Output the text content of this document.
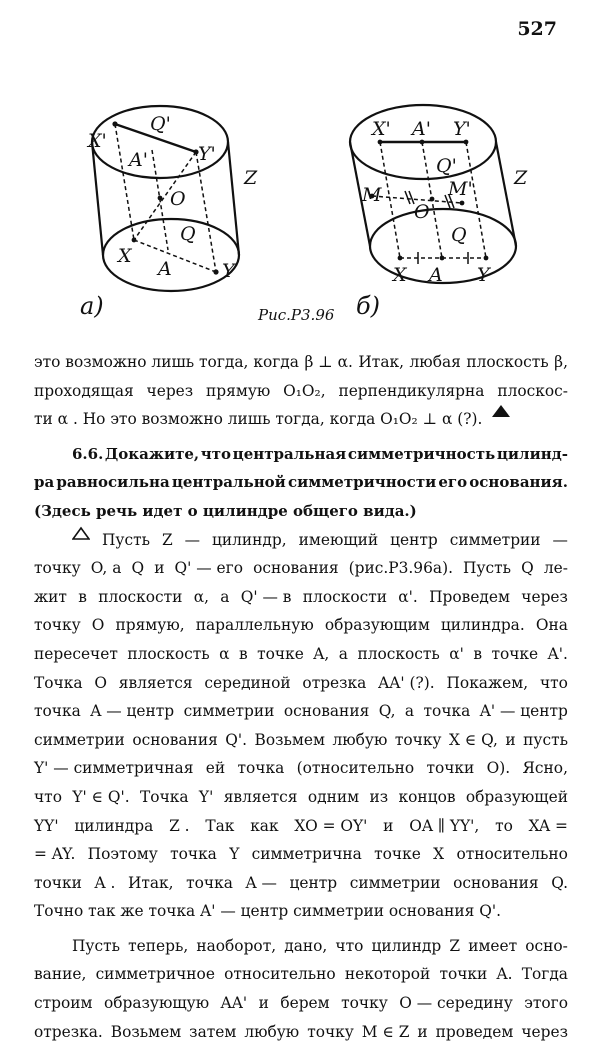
527
X'
Q'
Y'
A'
O
Q
X
A	Y
Z
а)	Рис.P3.96
X' A' Y'
Q'
M	M'
O
Q
X A Y
Z
б)
это возможно лишь тогда, когда β ⊥ α. Итак, любая плоскость β,
проходящая через прямую O₁O₂, перпендикулярна плоскос-
ти α . Но это возможно лишь тогда, когда O₁O₂ ⊥ α (?).
6.6. Докажите, что центральная симметричность цилинд-
ра равносильна центральной симметричности его основания.
(Здесь речь идет о цилиндре общего вида.)
Пусть Z — цилиндр, имеющий центр симметрии —
точку O, а Q и Q' — его основания (рис.P3.96а). Пусть Q ле-
жит в плоскости α, а Q' — в плоскости α'. Проведем через
точку O прямую, параллельную образующим цилиндра. Она
пересечет плоскость α в точке A, а плоскость α' в точке A'.
Точка O является серединой отрезка AA' (?). Покажем, что
точка A — центр симметрии основания Q, а точка A' — центр
симметрии основания Q'. Возьмем любую точку X ∈ Q, и пусть
Y' — симметричная ей точка (относительно точки O). Ясно,
что Y' ∈ Q'. Точка Y' является одним из концов образующей
YY' цилиндра Z . Так как XO = OY' и OA ∥ YY', то XA =
= AY. Поэтому точка Y симметрична точке X относительно
точки A . Итак, точка A — центр симметрии основания Q.
Точно так же точка A' — центр симметрии основания Q'.
Пусть теперь, наоборот, дано, что цилиндр Z имеет осно-
вание, симметричное относительно некоторой точки A. Тогда
строим образующую AA' и берем точку O — середину этого
отрезка. Возьмем затем любую точку M ∈ Z и проведем через
